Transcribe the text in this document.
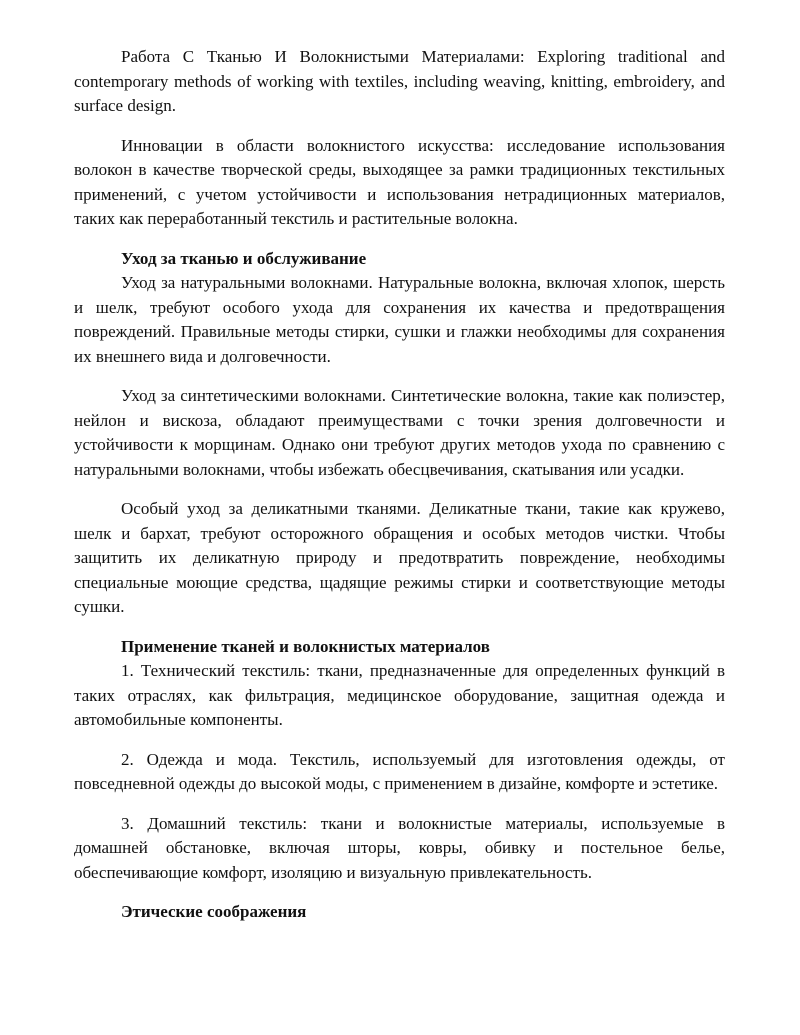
Работа С Тканью И Волокнистыми Материалами: Exploring traditional and contemporary methods of working with textiles, including weaving, knitting, embroidery, and surface design.

Инновации в области волокнистого искусства: исследование использования волокон в качестве творческой среды, выходящее за рамки традиционных текстильных применений, с учетом устойчивости и использования нетрадиционных материалов, таких как переработанный текстиль и растительные волокна.

Уход за тканью и обслуживание

Уход за натуральными волокнами. Натуральные волокна, включая хлопок, шерсть и шелк, требуют особого ухода для сохранения их качества и предотвращения повреждений. Правильные методы стирки, сушки и глажки необходимы для сохранения их внешнего вида и долговечности.

Уход за синтетическими волокнами. Синтетические волокна, такие как полиэстер, нейлон и вискоза, обладают преимуществами с точки зрения долговечности и устойчивости к морщинам. Однако они требуют других методов ухода по сравнению с натуральными волокнами, чтобы избежать обесцвечивания, скатывания или усадки.

Особый уход за деликатными тканями. Деликатные ткани, такие как кружево, шелк и бархат, требуют осторожного обращения и особых методов чистки. Чтобы защитить их деликатную природу и предотвратить повреждение, необходимы специальные моющие средства, щадящие режимы стирки и соответствующие методы сушки.

Применение тканей и волокнистых материалов

1. Технический текстиль: ткани, предназначенные для определенных функций в таких отраслях, как фильтрация, медицинское оборудование, защитная одежда и автомобильные компоненты.

2. Одежда и мода. Текстиль, используемый для изготовления одежды, от повседневной одежды до высокой моды, с применением в дизайне, комфорте и эстетике.

3. Домашний текстиль: ткани и волокнистые материалы, используемые в домашней обстановке, включая шторы, ковры, обивку и постельное белье, обеспечивающие комфорт, изоляцию и визуальную привлекательность.

Этические соображения
